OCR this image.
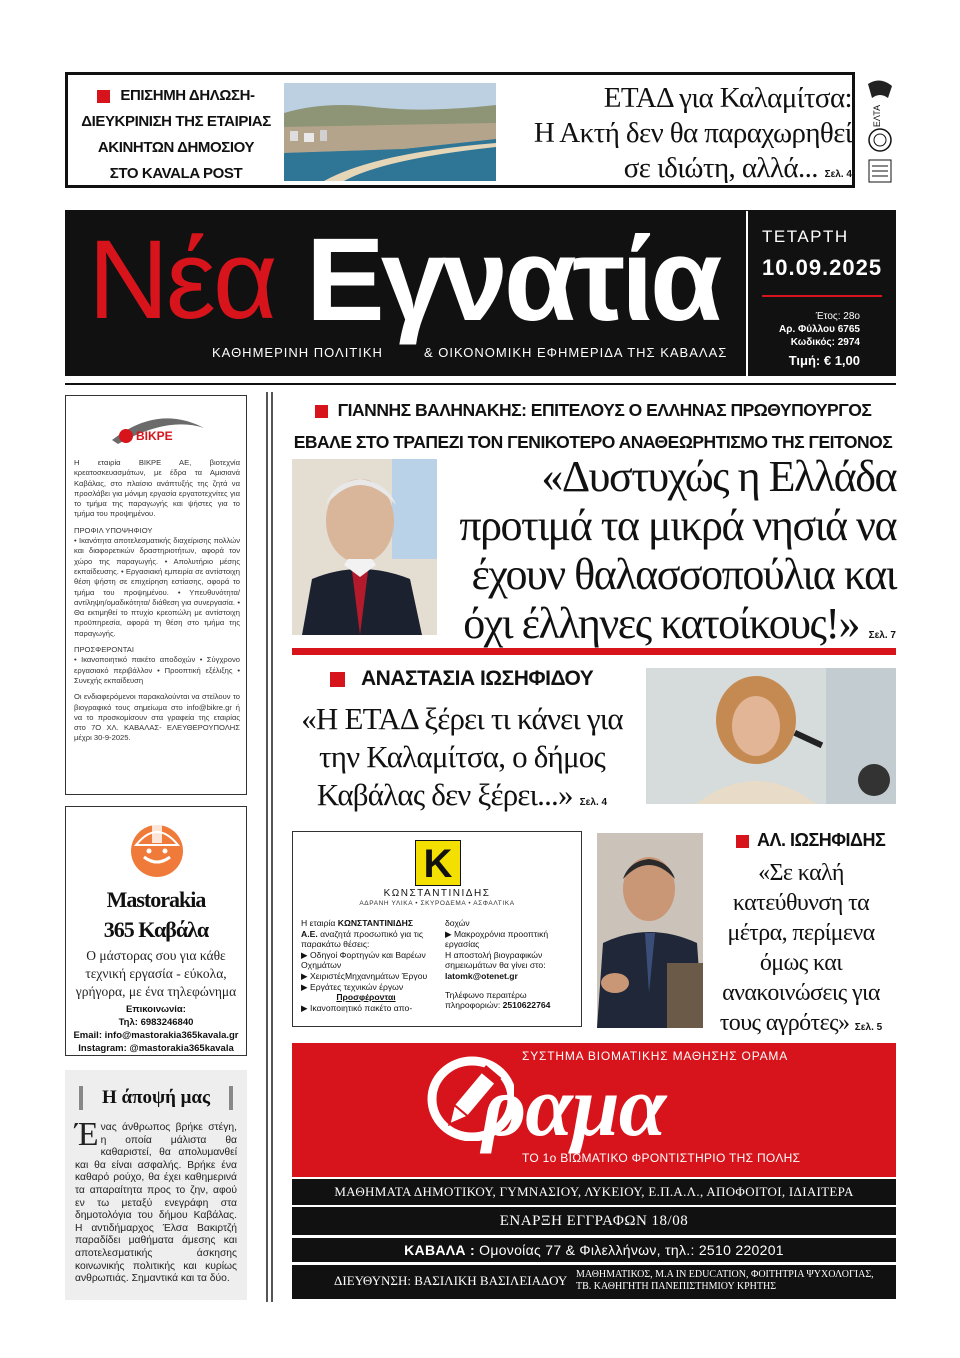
ΕΠΙΣΗΜΗ ΔΗΛΩΣΗ-
ΔΙΕΥΚΡΙΝΙΣΗ ΤΗΣ ΕΤΑΙΡΙΑΣ
ΑΚΙΝΗΤΩΝ ΔΗΜΟΣΙΟΥ
ΣΤΟ KAVALA POST
ΕΤΑΔ για Καλαμίτσα:
Η Ακτή δεν θα παραχωρηθεί
σε ιδιώτη, αλλά... Σελ. 4
ΕΛΤΑ
Νέα Εγνατία
ΚΑΘΗΜΕΡΙΝΗ ΠΟΛΙΤΙΚΗ	& ΟΙΚΟΝΟΜΙΚΗ ΕΦΗΜΕΡΙΔΑ ΤΗΣ ΚΑΒΑΛΑΣ
ΤΕΤΑΡΤΗ
10.09.2025
Έτος: 28ο
Αρ. Φύλλου 6765
Κωδικός: 2974
Τιμή: € 1,00
ΒΙΚΡΕ

Η εταιρία ΒΙΚΡΕ ΑΕ, βιοτεχνία κρεατοσκευασμάτων, με έδρα τα Αμισιανά Καβάλας, στο πλαίσιο ανάπτυξής της ζητά να προσλάβει για μόνιμη εργασία εργατοτεχνίτες για το τμήμα της παραγωγής και ψήστες για το τμήμα του προψημένου.

ΠΡΟΦΙΛ ΥΠΟΨΗΦΙΟΥ
• Ικανότητα αποτελεσματικής διαχείρισης πολλών και διαφορετικών δραστηριοτήτων, αφορά τον χώρο της παραγωγής. • Απολυτήριο μέσης εκπαίδευσης. • Εργασιακή εμπειρία σε αντίστοιχη θέση ψήστη σε επιχείρηση εστίασης, αφορά το τμήμα του προψημένου. • Υπευθυνότητα/ αντίληψη/ομαδικότητα/ διάθεση για συνεργασία. • Θα εκτιμηθεί το πτυχίο κρεοπώλη με αντίστοιχη προϋπηρεσία, αφορά τη θέση στο τμήμα της παραγωγής.

ΠΡΟΣΦΕΡΟΝΤΑΙ
• Ικανοποιητικό πακέτο αποδοχών • Σύγχρονο εργασιακό περιβάλλον • Προοπτική εξέλιξης • Συνεχής εκπαίδευση

Οι ενδιαφερόμενοι παρακαλούνται να στείλουν το βιογραφικό τους σημείωμα στο info@bikre.gr ή να το προσκομίσουν στα γραφεία της εταιρίας στο 7Ο ΧΛ. ΚΑΒΑΛΑΣ- ΕΛΕΥΘΕΡΟΥΠΟΛΗΣ μέχρι 30-9-2025.

Mastorakia
365 Καβάλα
Ο μάστορας σου για κάθε τεχνική εργασία - εύκολα, γρήγορα, με ένα τηλεφώνημα
Επικοινωνία:
Τηλ: 6983246840
Email: info@mastorakia365kavala.gr
Instagram: @mastorakia365kavala
Η άποψή μας
Ένας άνθρωπος βρήκε στέγη, η οποία μάλιστα θα καθαριστεί, θα απολυμανθεί και θα είναι ασφαλής. Βρήκε ένα καθαρό ρούχο, θα έχει καθημερινά τα απαραίτητα προς το ζην, αφού εν τω μεταξύ ενεγράφη στα δημοτολόγια του δήμου Καβάλας. Η αντιδήμαρχος Έλσα Βακιρτζή παραδίδει μαθήματα άμεσης και αποτελεσματικής άσκησης κοινωνικής πολιτικής και κυρίως ανθρωπιάς. Σημαντικά και τα δύο.
ΓΙΑΝΝΗΣ ΒΑΛΗΝΑΚΗΣ: ΕΠΙΤΕΛΟΥΣ Ο ΕΛΛΗΝΑΣ ΠΡΩΘΥΠΟΥΡΓΟΣ
ΕΒΑΛΕ ΣΤΟ ΤΡΑΠΕΖΙ ΤΟΝ ΓΕΝΙΚΟΤΕΡΟ ΑΝΑΘΕΩΡΗΤΙΣΜΟ ΤΗΣ ΓΕΙΤΟΝΟΣ
«Δυστυχώς η Ελλάδα
προτιμά τα μικρά νησιά να
έχουν θαλασσοπούλια και
όχι έλληνες κατοίκους!» Σελ. 7
ΑΝΑΣΤΑΣΙΑ ΙΩΣΗΦΙΔΟΥ
«Η ΕΤΑΔ ξέρει τι κάνει για
την Καλαμίτσα, ο δήμος
Καβάλας δεν ξέρει...» Σελ. 4
K
ΚΩΝΣΤΑΝΤΙΝΙΔΗΣ
ΑΔΡΑΝΗ ΥΛΙΚΑ • ΣΚΥΡΟΔΕΜΑ • ΑΣΦΑΛΤΙΚΑ
Η εταιρία ΚΩΝΣΤΑΝΤΙΝΙΔΗΣ Α.Ε. αναζητά προσωπικό για τις παρακάτω θέσεις:
▶ Οδηγοί Φορτηγών και Βαρέων Οχημάτων
▶ ΧειριστέςΜηχανημάτων Έργου
▶ Εργάτες τεχνικών έργων
Προσφέρονται
▶ Ικανοποιητικό πακέτο απο-
δοχών
▶ Μακροχρόνια προοπτική εργασίας
Η αποστολή βιογραφικών σημειωμάτων θα γίνει στο:
latomk@otenet.gr
Τηλέφωνο περαιτέρω πληροφοριών: 2510622764
ΑΛ. ΙΩΣΗΦΙΔΗΣ
«Σε καλή
κατεύθυνση τα
μέτρα, περίμενα
όμως και
ανακοινώσεις για
τους αγρότες» Σελ. 5
ΣΥΣΤΗΜΑ ΒΙΟΜΑΤΙΚΗΣ ΜΑΘΗΣΗΣ ΟΡΑΜΑ
ραμα
ΤΟ 1ο ΒΙΩΜΑΤΙΚΟ ΦΡΟΝΤΙΣΤΗΡΙΟ ΤΗΣ ΠΟΛΗΣ
ΜΑΘΗΜΑΤΑ ΔΗΜΟΤΙΚΟΥ, ΓΥΜΝΑΣΙΟΥ, ΛΥΚΕΙΟΥ, Ε.Π.Α.Λ., ΑΠΟΦΟΙΤΟΙ, ΙΔΙΑΙΤΕΡΑ
ΕΝΑΡΞΗ ΕΓΓΡΑΦΩΝ 18/08
ΚΑΒΑΛΑ : Ομονοίας 77 & Φιλελλήνων, τηλ.: 2510 220201
ΔΙΕΥΘΥΝΣΗ: ΒΑΣΙΛΙΚΗ ΒΑΣΙΛΕΙΑΔΟΥ ΜΑΘΗΜΑΤΙΚΟΣ, Μ.Α IN EDUCATION, ΦΟΙΤΗΤΡΙΑ ΨΥΧΟΛΟΓΙΑΣ,
ΤΒ. ΚΑΘΗΓΗΤΗ ΠΑΝΕΠΙΣΤΗΜΙΟΥ ΚΡΗΤΗΣ
